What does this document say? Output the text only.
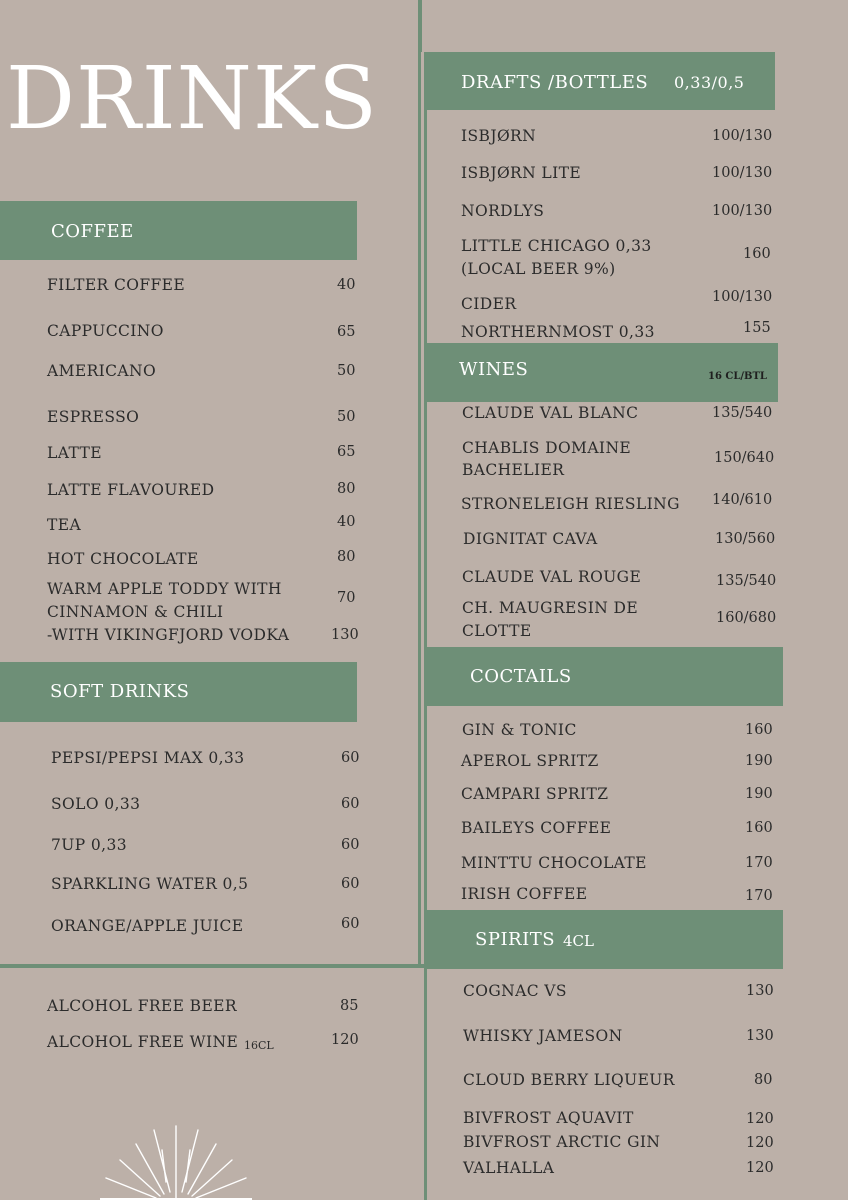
DRINKS
COFFEE
FILTER COFFEE	40
CAPPUCCINO	65
AMERICANO	50
ESPRESSO	50
LATTE	65
LATTE FLAVOURED	80
TEA	40
HOT CHOCOLATE	80
WARM APPLE TODDY WITH
CINNAMON & CHILI
70
-WITH VIKINGFJORD VODKA	130
SOFT DRINKS
PEPSI/PEPSI MAX 0,33	60
SOLO 0,33	60
7UP 0,33	60
SPARKLING WATER 0,5	60
ORANGE/APPLE JUICE	60
ALCOHOL FREE BEER	85
ALCOHOL FREE WINE 16CL	120
DRAFTS /BOTTLES 0,33/0,5
ISBJØRN	100/130
ISBJØRN LITE	100/130
NORDLYS	100/130
LITTLE CHICAGO 0,33
(LOCAL BEER 9%)
160
CIDER	100/130
NORTHERNMOST 0,33	155
WINES	16 CL/BTL
CLAUDE VAL BLANC	135/540
CHABLIS DOMAINE
BACHELIER
150/640
STRONELEIGH RIESLING 140/610
DIGNITAT CAVA	130/560
CLAUDE VAL ROUGE	135/540
CH. MAUGRESIN DE
CLOTTE
160/680
COCTAILS
GIN & TONIC	160
APEROL SPRITZ	190
CAMPARI SPRITZ	190
BAILEYS COFFEE	160
MINTTU CHOCOLATE	170
IRISH COFFEE	170
SPIRITS 4CL
COGNAC VS	130
WHISKY JAMESON	130
CLOUD BERRY LIQUEUR	80
BIVFROST AQUAVIT	120
BIVFROST ARCTIC GIN	120
VALHALLA	120
